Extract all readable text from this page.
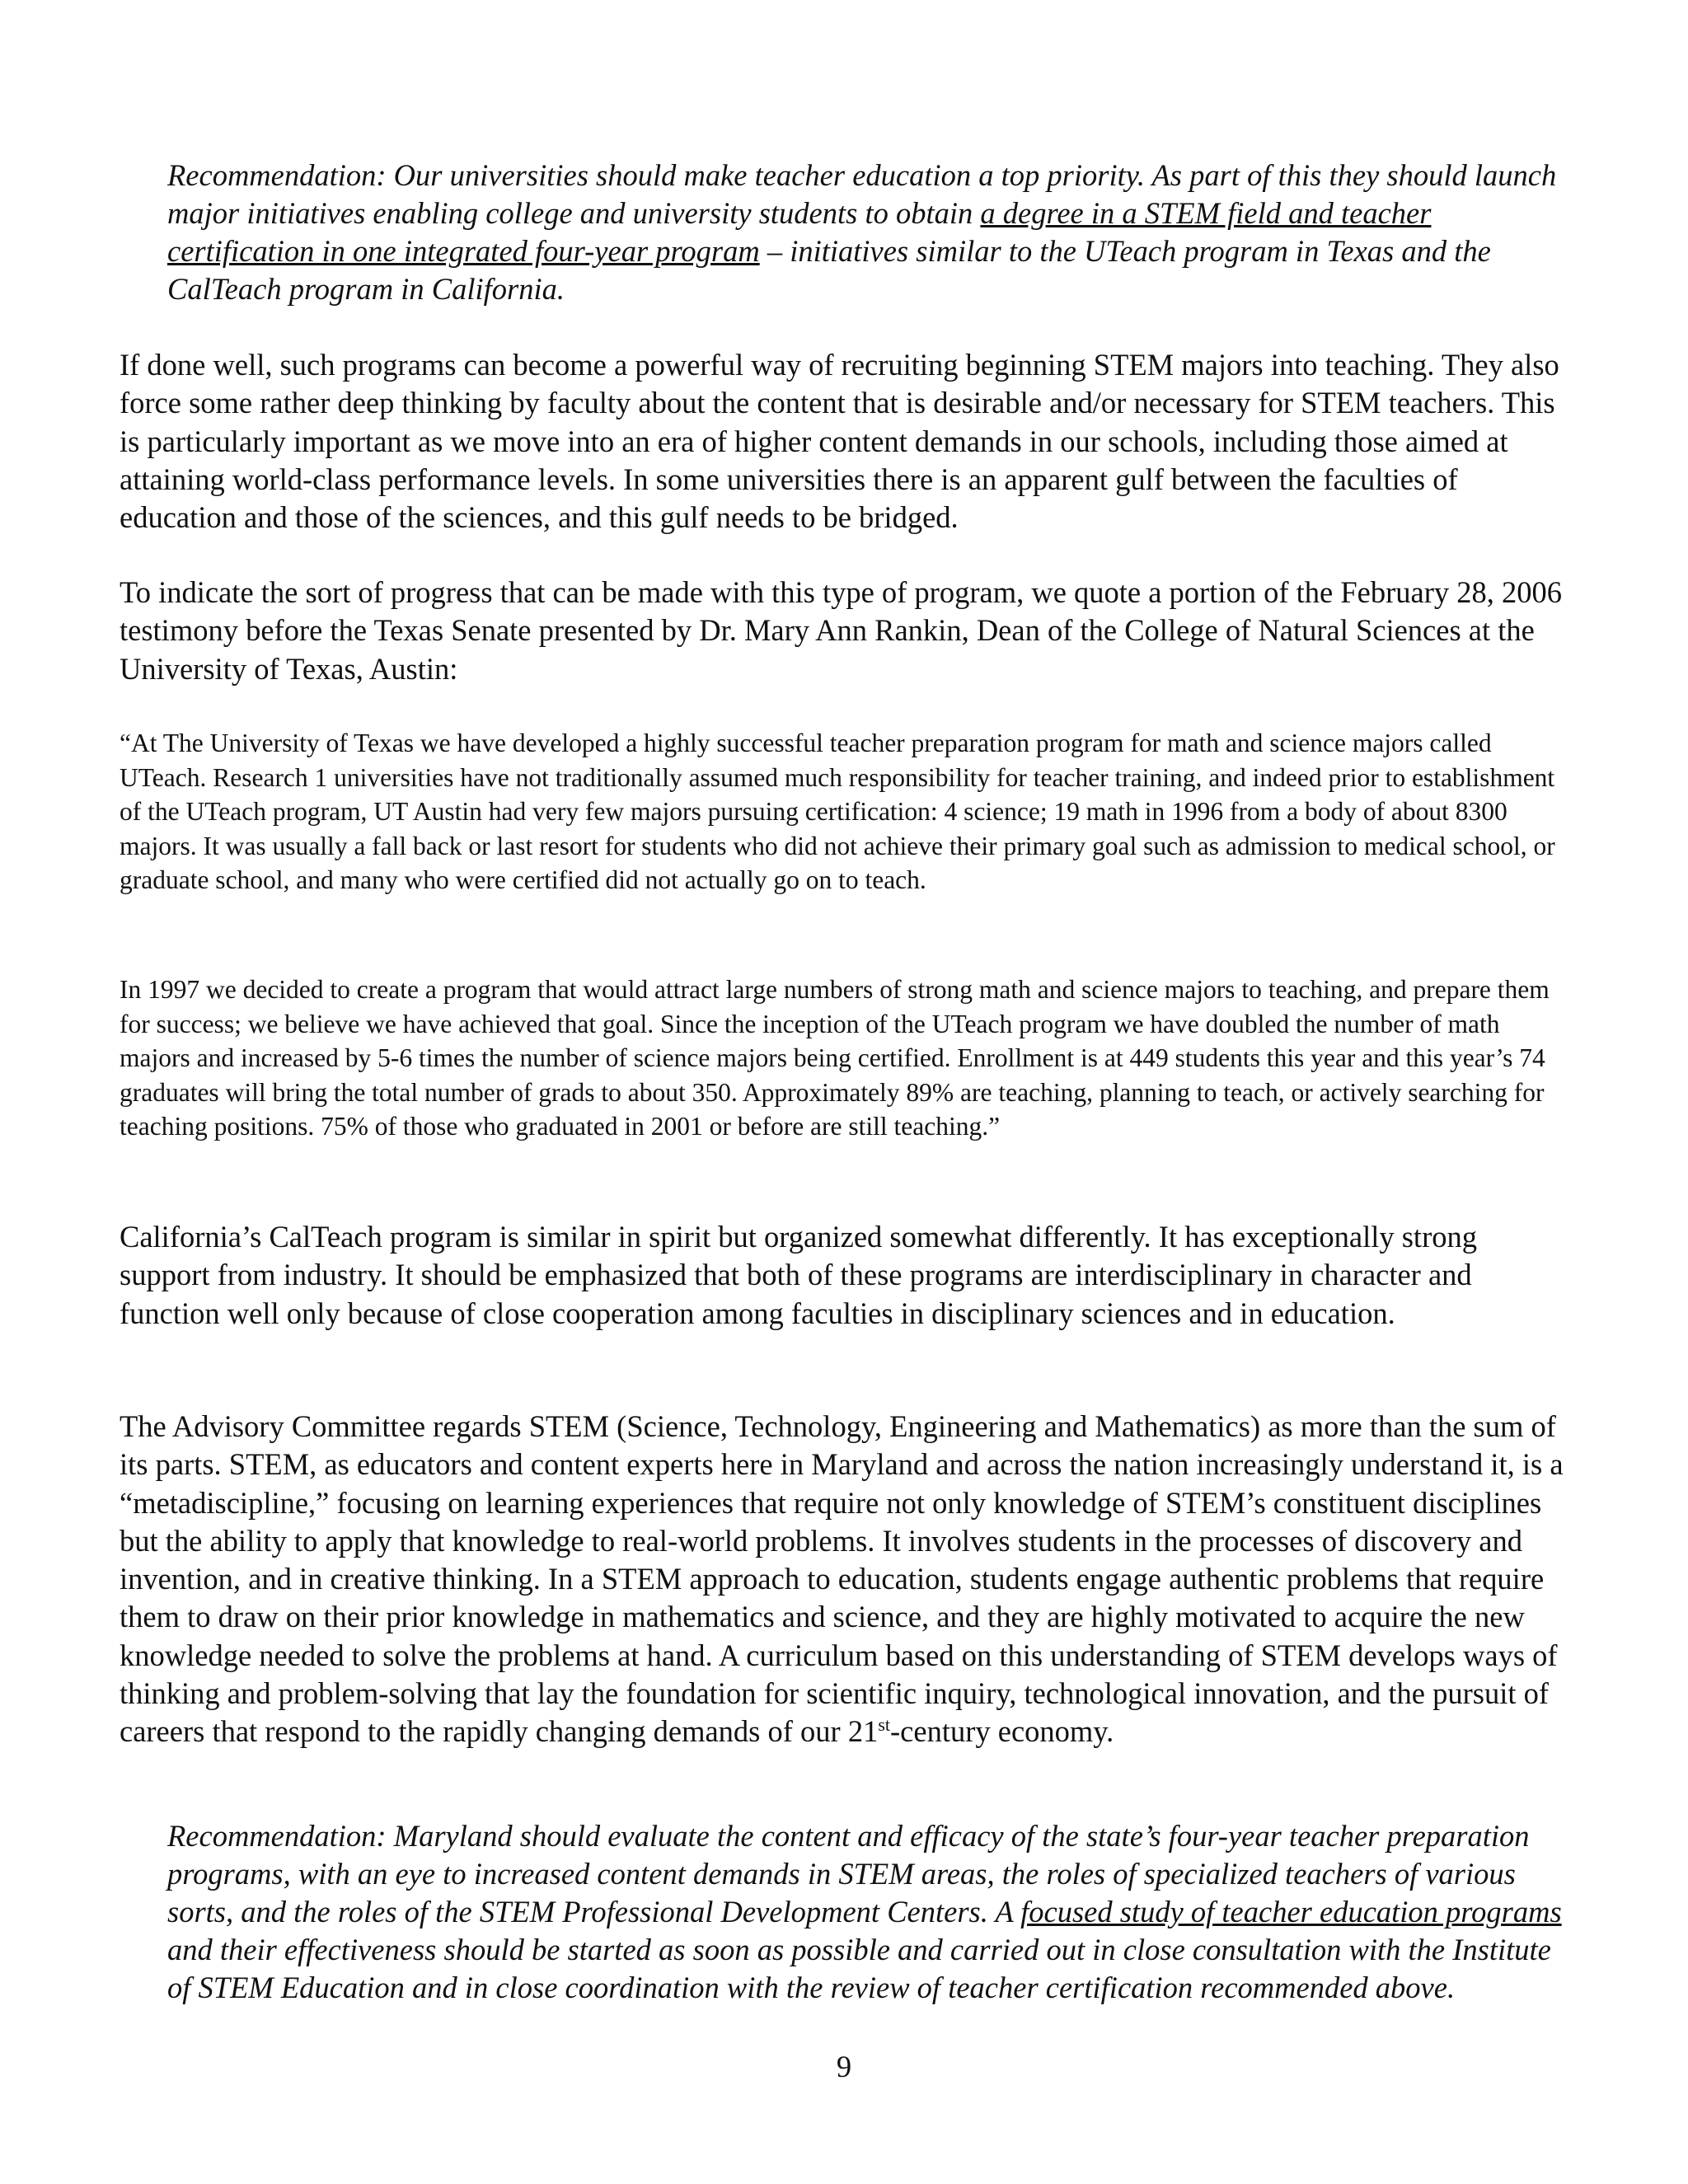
Recommendation: Our universities should make teacher education a top priority. As part of this they should launch major initiatives enabling college and university students to obtain a degree in a STEM field and teacher certification in one integrated four-year program – initiatives similar to the UTeach program in Texas and the CalTeach program in California.

If done well, such programs can become a powerful way of recruiting beginning STEM majors into teaching. They also force some rather deep thinking by faculty about the content that is desirable and/or necessary for STEM teachers. This is particularly important as we move into an era of higher content demands in our schools, including those aimed at attaining world-class performance levels. In some universities there is an apparent gulf between the faculties of education and those of the sciences, and this gulf needs to be bridged.

To indicate the sort of progress that can be made with this type of program, we quote a portion of the February 28, 2006 testimony before the Texas Senate presented by Dr. Mary Ann Rankin, Dean of the College of Natural Sciences at the University of Texas, Austin:

“At The University of Texas we have developed a highly successful teacher preparation program for math and science majors called UTeach. Research 1 universities have not traditionally assumed much responsibility for teacher training, and indeed prior to establishment of the UTeach program, UT Austin had very few majors pursuing certification: 4 science; 19 math in 1996 from a body of about 8300 majors. It was usually a fall back or last resort for students who did not achieve their primary goal such as admission to medical school, or graduate school, and many who were certified did not actually go on to teach.

In 1997 we decided to create a program that would attract large numbers of strong math and science majors to teaching, and prepare them for success; we believe we have achieved that goal. Since the inception of the UTeach program we have doubled the number of math majors and increased by 5-6 times the number of science majors being certified. Enrollment is at 449 students this year and this year’s 74 graduates will bring the total number of grads to about 350. Approximately 89% are teaching, planning to teach, or actively searching for teaching positions. 75% of those who graduated in 2001 or before are still teaching.”

California’s CalTeach program is similar in spirit but organized somewhat differently. It has exceptionally strong support from industry. It should be emphasized that both of these programs are interdisciplinary in character and function well only because of close cooperation among faculties in disciplinary sciences and in education.

The Advisory Committee regards STEM (Science, Technology, Engineering and Mathematics) as more than the sum of its parts. STEM, as educators and content experts here in Maryland and across the nation increasingly understand it, is a “metadiscipline,” focusing on learning experiences that require not only knowledge of STEM’s constituent disciplines but the ability to apply that knowledge to real-world problems. It involves students in the processes of discovery and invention, and in creative thinking. In a STEM approach to education, students engage authentic problems that require them to draw on their prior knowledge in mathematics and science, and they are highly motivated to acquire the new knowledge needed to solve the problems at hand. A curriculum based on this understanding of STEM develops ways of thinking and problem-solving that lay the foundation for scientific inquiry, technological innovation, and the pursuit of careers that respond to the rapidly changing demands of our 21st-century economy.

Recommendation: Maryland should evaluate the content and efficacy of the state’s four-year teacher preparation programs, with an eye to increased content demands in STEM areas, the roles of specialized teachers of various sorts, and the roles of the STEM Professional Development Centers. A focused study of teacher education programs and their effectiveness should be started as soon as possible and carried out in close consultation with the Institute of STEM Education and in close coordination with the review of teacher certification recommended above.

9
